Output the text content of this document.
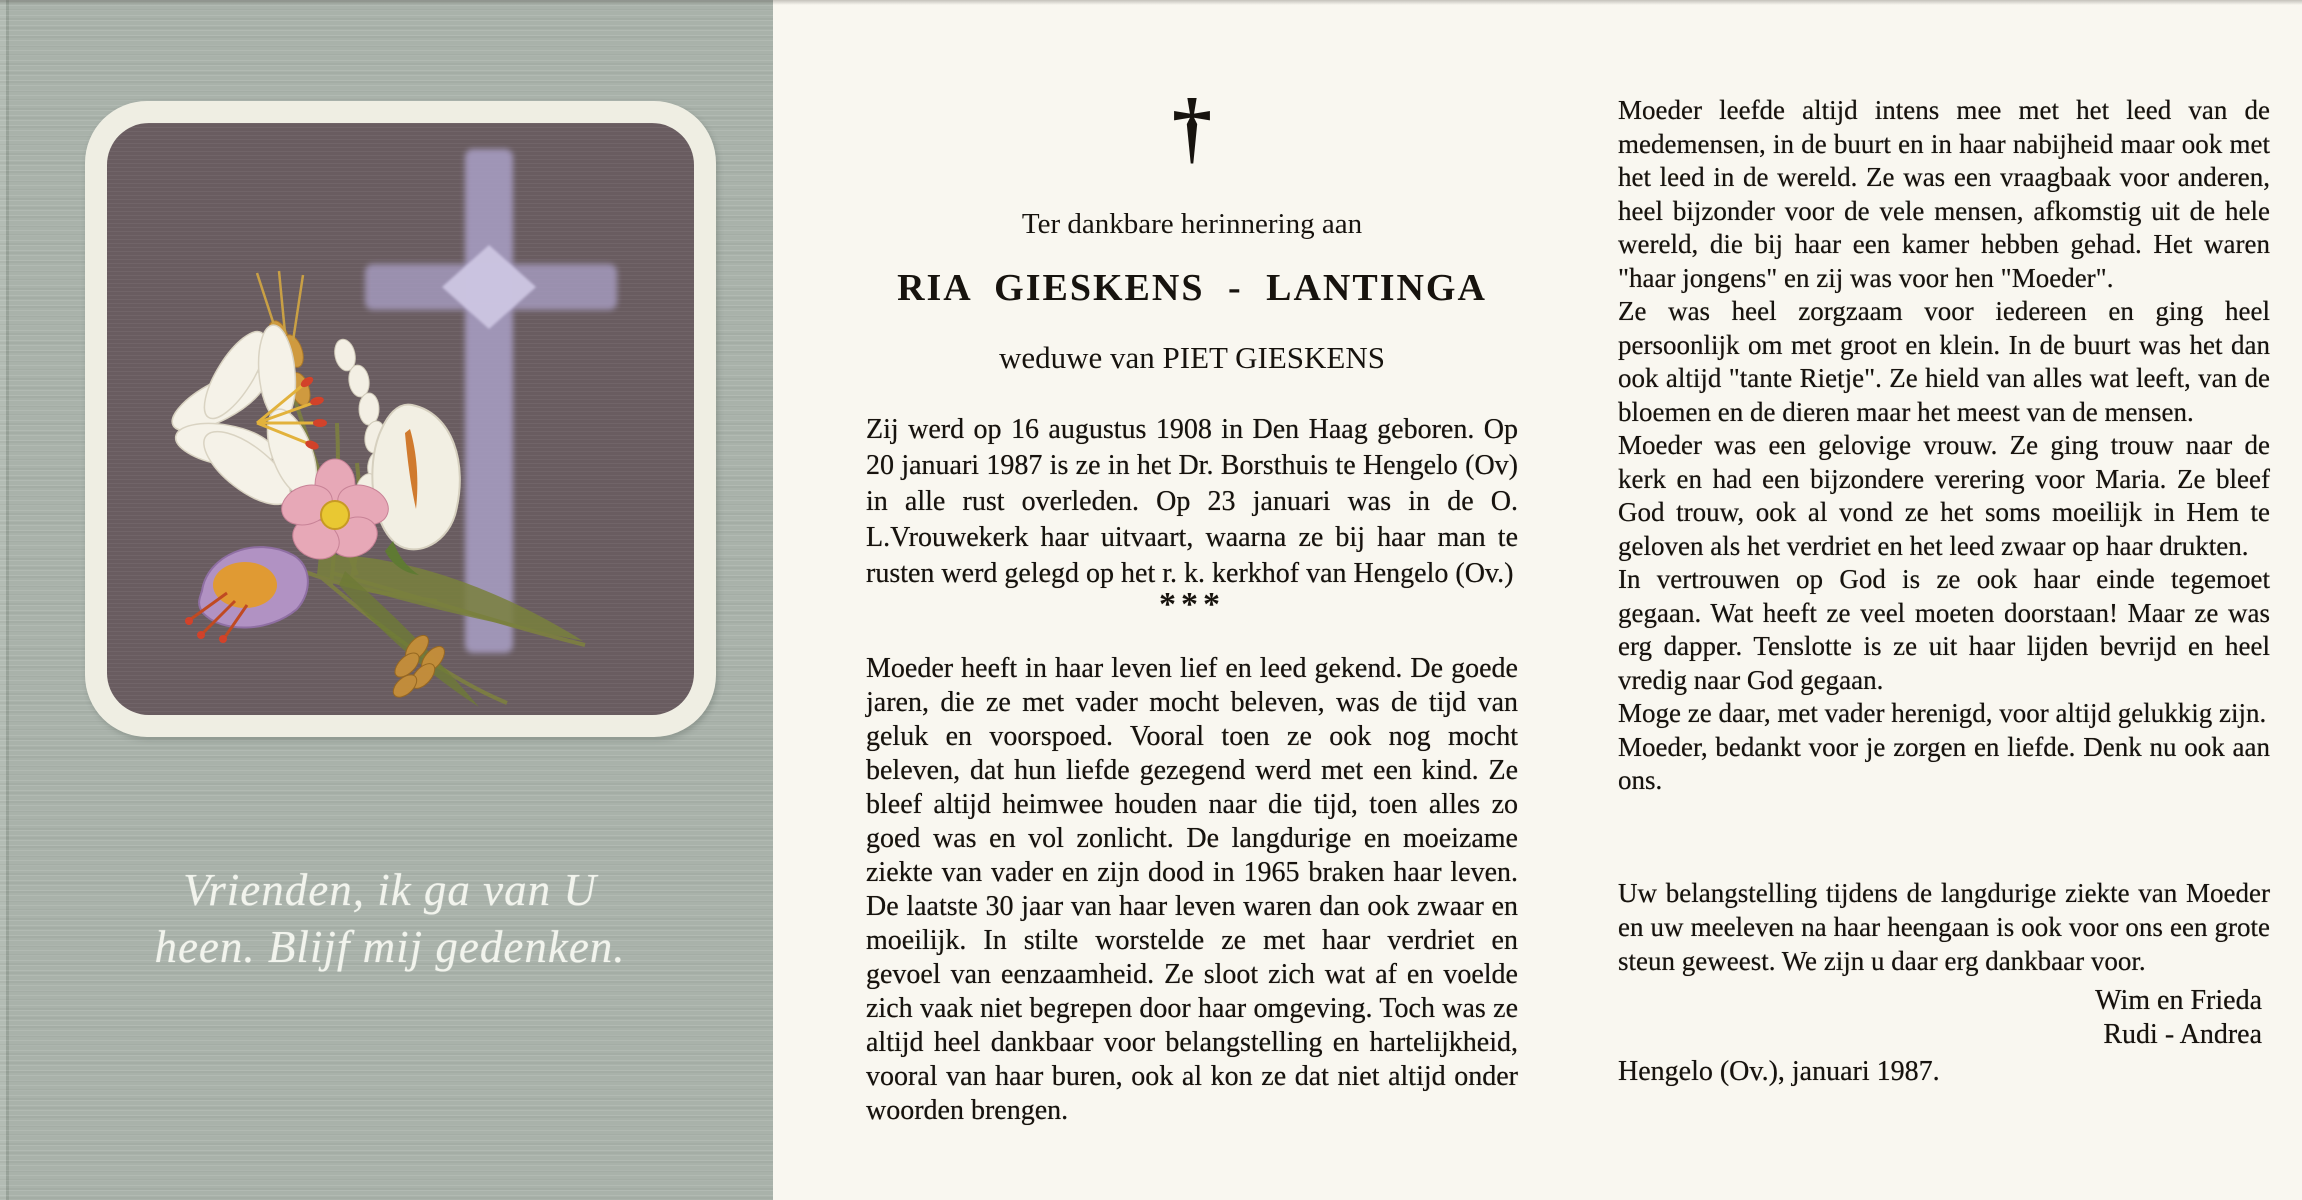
Vrienden, ik ga van U
heen. Blijf mij gedenken.
†
Ter dankbare herinnering aan
RIA GIESKENS - LANTINGA
weduwe van PIET GIESKENS

Zij werd op 16 augustus 1908 in Den Haag geboren. Op 20 januari 1987 is ze in het Dr. Borsthuis te Hengelo (Ov) in alle rust overleden. Op 23 januari was in de O. L.Vrouwekerk haar uitvaart, waarna ze bij haar man te rusten werd gelegd op het r. k. kerkhof van Hengelo (Ov.)

***

Moeder heeft in haar leven lief en leed gekend. De goede jaren, die ze met vader mocht beleven, was de tijd van geluk en voorspoed. Vooral toen ze ook nog mocht beleven, dat hun liefde gezegend werd met een kind. Ze bleef altijd heimwee houden naar die tijd, toen alles zo goed was en vol zonlicht. De langdurige en moeizame ziekte van vader en zijn dood in 1965 braken haar leven. De laatste 30 jaar van haar leven waren dan ook zwaar en moeilijk. In stilte worstelde ze met haar verdriet en gevoel van eenzaamheid. Ze sloot zich wat af en voelde zich vaak niet begrepen door haar omgeving. Toch was ze altijd heel dankbaar voor belangstelling en hartelijkheid, vooral van haar buren, ook al kon ze dat niet altijd onder woorden brengen.

Moeder leefde altijd intens mee met het leed van de medemensen, in de buurt en in haar nabijheid maar ook met het leed in de wereld. Ze was een vraagbaak voor anderen, heel bijzonder voor de vele mensen, afkomstig uit de hele wereld, die bij haar een kamer hebben gehad. Het waren "haar jongens" en zij was voor hen "Moeder".

Ze was heel zorgzaam voor iedereen en ging heel persoonlijk om met groot en klein. In de buurt was het dan ook altijd "tante Rietje". Ze hield van alles wat leeft, van de bloemen en de dieren maar het meest van de mensen.

Moeder was een gelovige vrouw. Ze ging trouw naar de kerk en had een bijzondere verering voor Maria. Ze bleef God trouw, ook al vond ze het soms moeilijk in Hem te geloven als het verdriet en het leed zwaar op haar drukten.

In vertrouwen op God is ze ook haar einde tegemoet gegaan. Wat heeft ze veel moeten doorstaan! Maar ze was erg dapper. Tenslotte is ze uit haar lijden bevrijd en heel vredig naar God gegaan.

Moge ze daar, met vader herenigd, voor altijd gelukkig zijn.

Moeder, bedankt voor je zorgen en liefde. Denk nu ook aan ons.

Uw belangstelling tijdens de langdurige ziekte van Moeder en uw meeleven na haar heengaan is ook voor ons een grote steun geweest. We zijn u daar erg dankbaar voor.

Wim en Frieda
Rudi - Andrea
Hengelo (Ov.), januari 1987.
